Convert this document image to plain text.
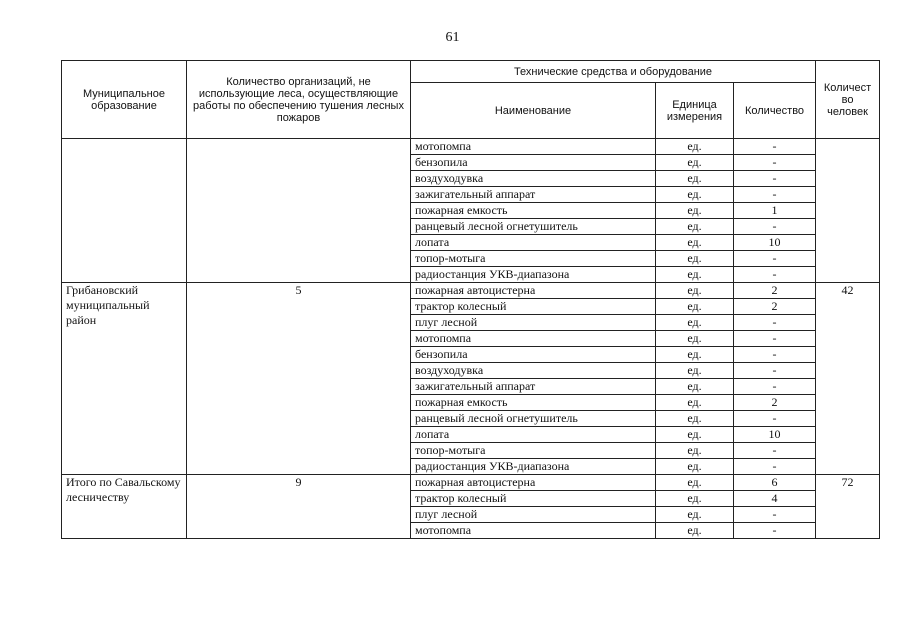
61
Муниципальное образование	Количество организаций, не использующие леса, осуществляющие работы по обеспечению тушения лесных пожаров	Технические средства и оборудование			Количест во человек
		Наименование	Единица измерения	Количество	
		мотопомпа	ед.	-	
		бензопила	ед.	-	
		воздуходувка	ед.	-	
		зажигательный аппарат	ед.	-	
		пожарная емкость	ед.	1	
		ранцевый лесной огнетушитель	ед.	-	
		лопата	ед.	10	
		топор-мотыга	ед.	-	
		радиостанция УКВ-диапазона	ед.	-	
Грибановский муниципальный район	5	пожарная автоцистерна	ед.	2	42
		трактор колесный	ед.	2	
		плуг лесной	ед.	-	
		мотопомпа	ед.	-	
		бензопила	ед.	-	
		воздуходувка	ед.	-	
		зажигательный аппарат	ед.	-	
		пожарная емкость	ед.	2	
		ранцевый лесной огнетушитель	ед.	-	
		лопата	ед.	10	
		топор-мотыга	ед.	-	
		радиостанция УКВ-диапазона	ед.	-	
Итого по Савальскому лесничеству	9	пожарная автоцистерна	ед.	6	72
		трактор колесный	ед.	4	
		плуг лесной	ед.	-	
		мотопомпа	ед.	-	
